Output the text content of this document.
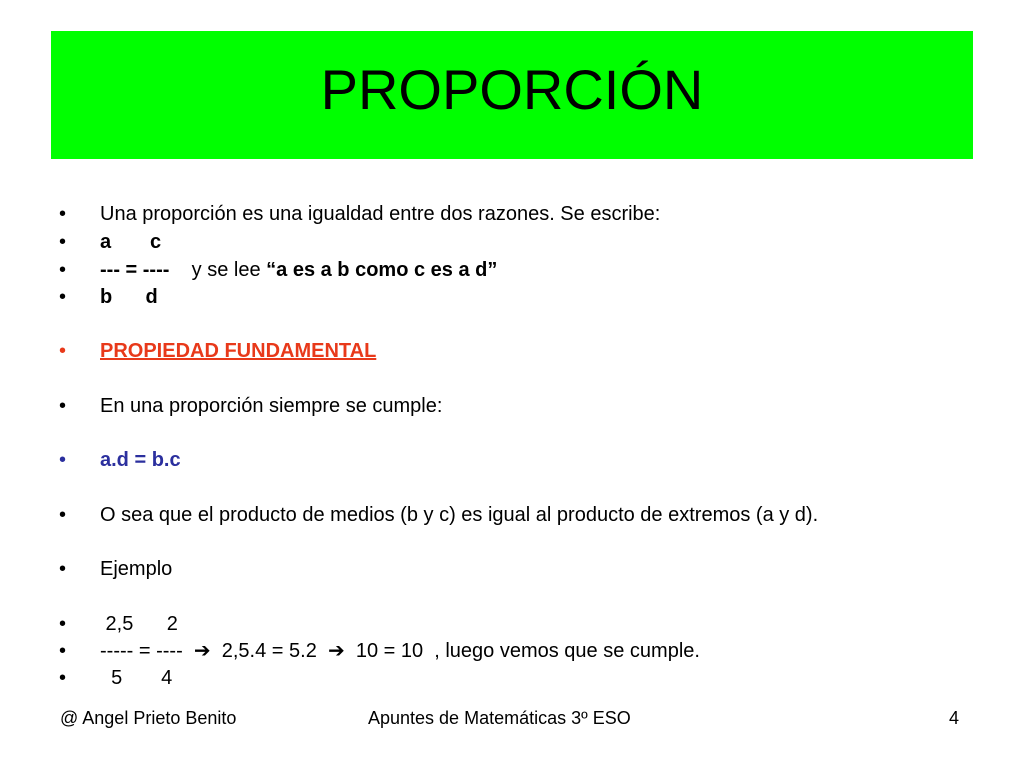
PROPORCIÓN

•

	Una proporción es una igualdad entre dos razones. Se escribe:

•

	a       c

•

	--- = ---- y se lee “a es a b como c es a d”

•

	b      d

•

	PROPIEDAD FUNDAMENTAL

•

	En una proporción siempre se cumple:

•

	a.d = b.c

•

	O sea que el producto de medios (b y c) es igual al producto de extremos (a y d).

•

	Ejemplo

•

	2,5      2

•

	----- = ---- ➔ 2,5.4 = 5.2 ➔ 10 = 10  , luego vemos que se cumple.

•

	5       4

@ Angel Prieto Benito	Apuntes de Matemáticas 3º ESO	4
